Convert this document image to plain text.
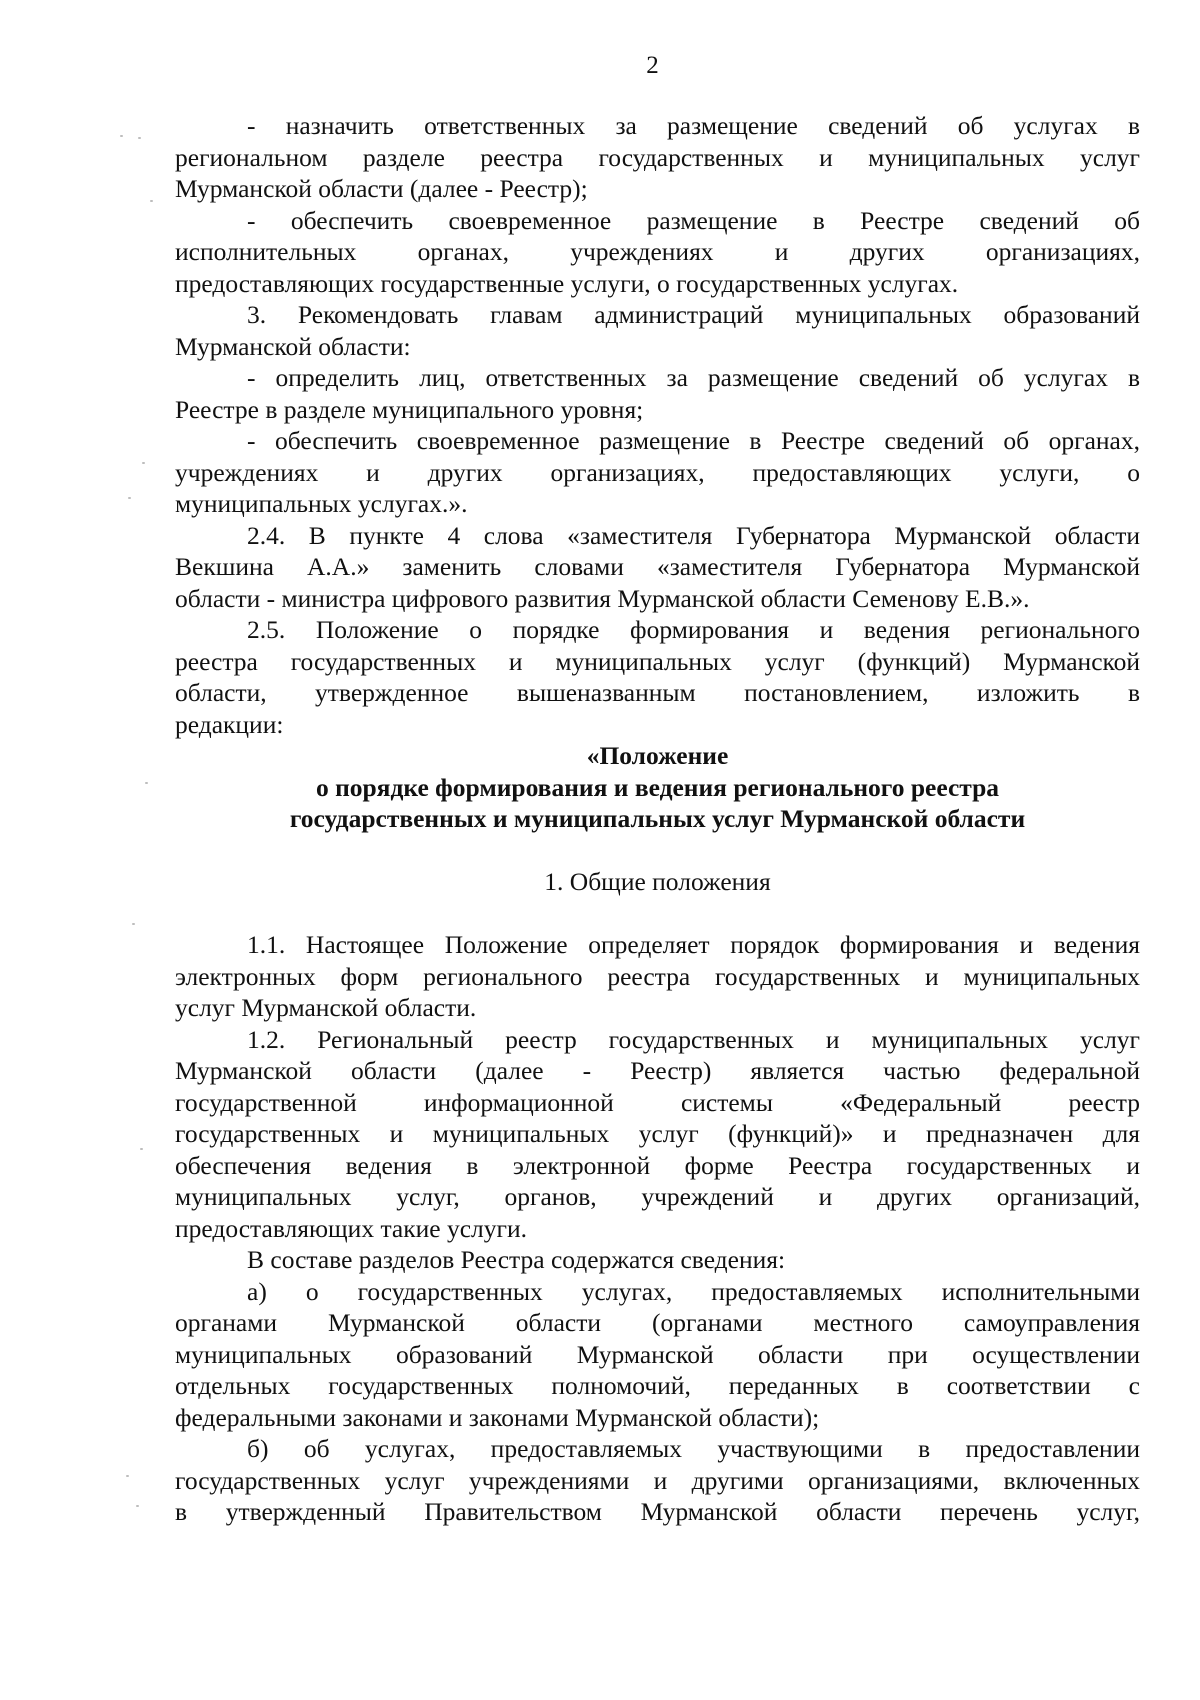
2
- назначить ответственных за размещение сведений об услугах в
региональном разделе реестра государственных и муниципальных услуг
Мурманской области (далее - Реестр);
- обеспечить своевременное размещение в Реестре сведений об
исполнительных органах, учреждениях и других организациях,
предоставляющих государственные услуги, о государственных услугах.
3. Рекомендовать главам администраций муниципальных образований
Мурманской области:
- определить лиц, ответственных за размещение сведений об услугах в
Реестре в разделе муниципального уровня;
- обеспечить своевременное размещение в Реестре сведений об органах,
учреждениях и других организациях, предоставляющих услуги, о
муниципальных услугах.».
2.4. В пункте 4 слова «заместителя Губернатора Мурманской области
Векшина А.А.» заменить словами «заместителя Губернатора Мурманской
области - министра цифрового развития Мурманской области Семенову Е.В.».
2.5. Положение о порядке формирования и ведения регионального
реестра государственных и муниципальных услуг (функций) Мурманской
области, утвержденное вышеназванным постановлением, изложить в
редакции:
«Положение
о порядке формирования и ведения регионального реестра
государственных и муниципальных услуг Мурманской области
1. Общие положения
1.1. Настоящее Положение определяет порядок формирования и ведения
электронных форм регионального реестра государственных и муниципальных
услуг Мурманской области.
1.2. Региональный реестр государственных и муниципальных услуг
Мурманской области (далее - Реестр) является частью федеральной
государственной информационной системы «Федеральный реестр
государственных и муниципальных услуг (функций)» и предназначен для
обеспечения ведения в электронной форме Реестра государственных и
муниципальных услуг, органов, учреждений и других организаций,
предоставляющих такие услуги.
В составе разделов Реестра содержатся сведения:
а) о государственных услугах, предоставляемых исполнительными
органами Мурманской области (органами местного самоуправления
муниципальных образований Мурманской области при осуществлении
отдельных государственных полномочий, переданных в соответствии с
федеральными законами и законами Мурманской области);
б) об услугах, предоставляемых участвующими в предоставлении
государственных услуг учреждениями и другими организациями, включенных
в утвержденный Правительством Мурманской области перечень услуг,
